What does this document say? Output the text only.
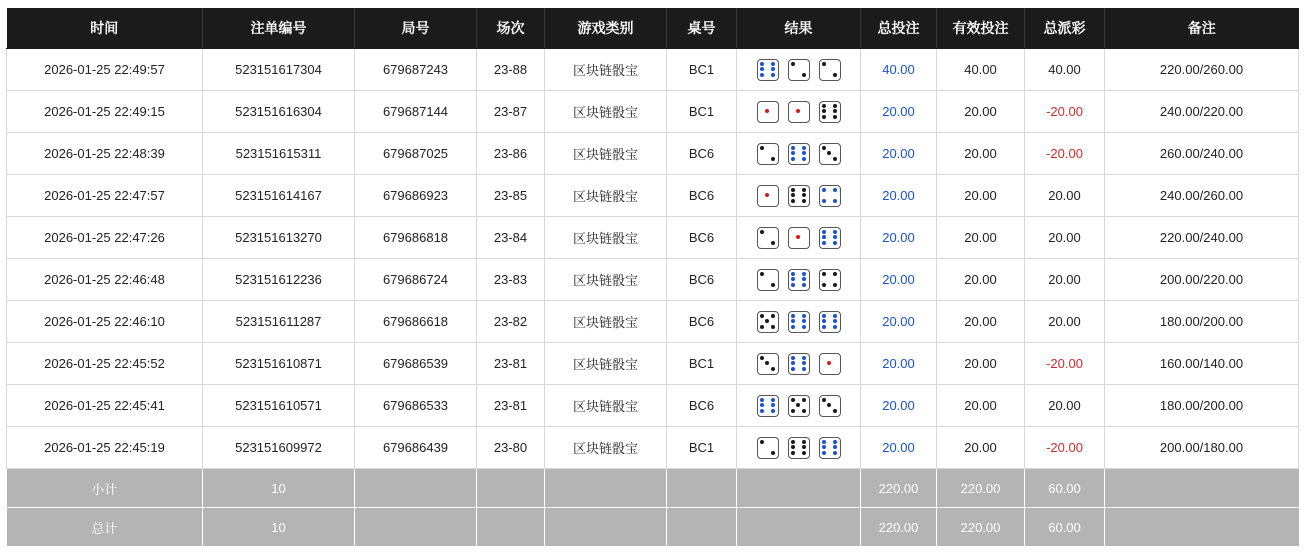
时间	注单编号	局号	场次	游戏类别	桌号	结果	总投注	有效投注	总派彩	备注
2026-01-25 22:49:57	523151617304	679687243	23-88	区块链骰宝	BC1		40.00	40.00	40.00	220.00/260.00
2026-01-25 22:49:15	523151616304	679687144	23-87	区块链骰宝	BC1		20.00	20.00	-20.00	240.00/220.00
2026-01-25 22:48:39	523151615311	679687025	23-86	区块链骰宝	BC6		20.00	20.00	-20.00	260.00/240.00
2026-01-25 22:47:57	523151614167	679686923	23-85	区块链骰宝	BC6		20.00	20.00	20.00	240.00/260.00
2026-01-25 22:47:26	523151613270	679686818	23-84	区块链骰宝	BC6		20.00	20.00	20.00	220.00/240.00
2026-01-25 22:46:48	523151612236	679686724	23-83	区块链骰宝	BC6		20.00	20.00	20.00	200.00/220.00
2026-01-25 22:46:10	523151611287	679686618	23-82	区块链骰宝	BC6		20.00	20.00	20.00	180.00/200.00
2026-01-25 22:45:52	523151610871	679686539	23-81	区块链骰宝	BC1		20.00	20.00	-20.00	160.00/140.00
2026-01-25 22:45:41	523151610571	679686533	23-81	区块链骰宝	BC6		20.00	20.00	20.00	180.00/200.00
2026-01-25 22:45:19	523151609972	679686439	23-80	区块链骰宝	BC1		20.00	20.00	-20.00	200.00/180.00
小计	10						220.00	220.00	60.00	
总计	10						220.00	220.00	60.00	
